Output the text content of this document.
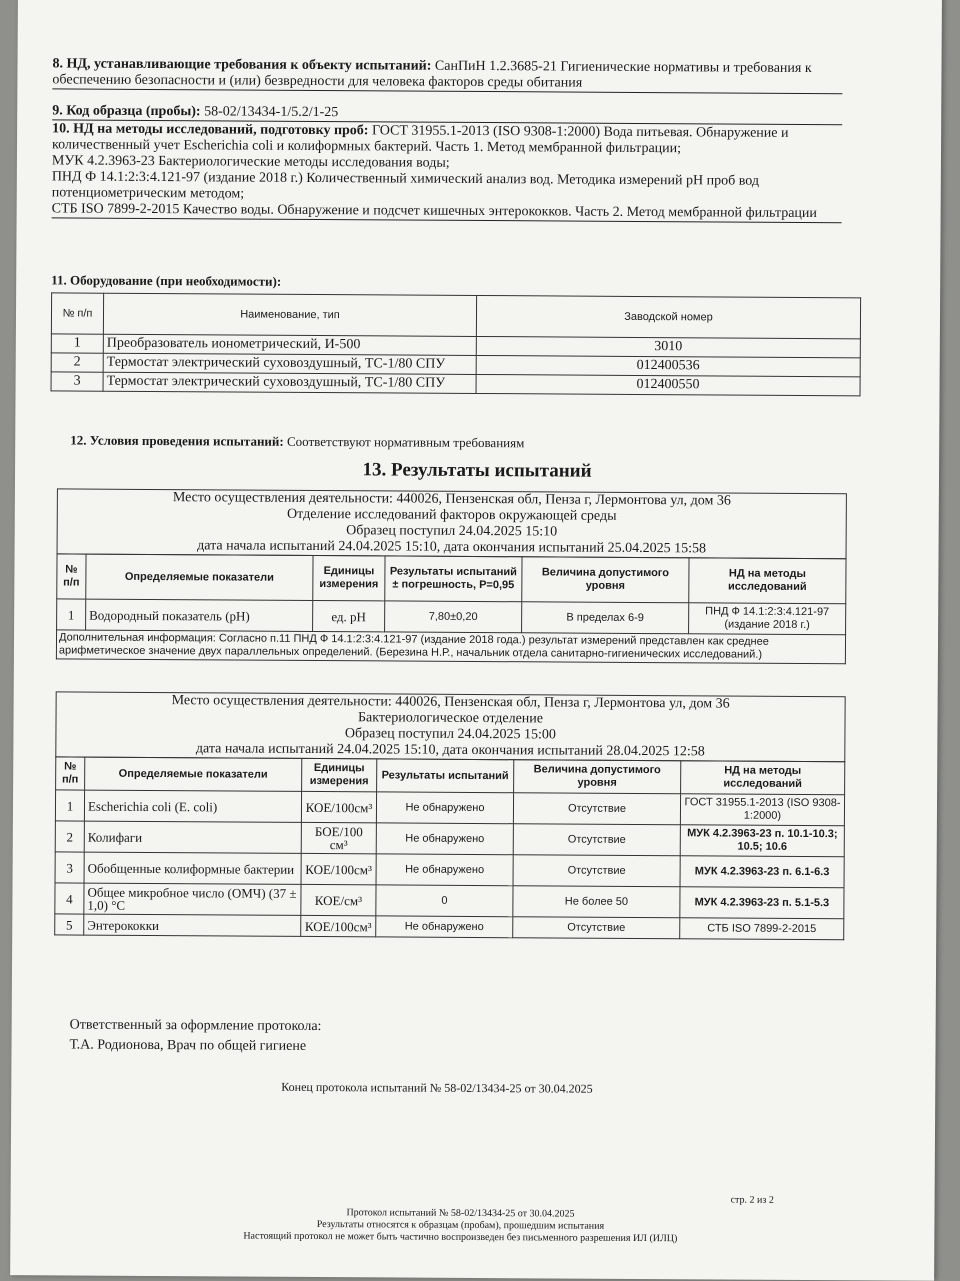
8. НД, устанавливающие требования к объекту испытаний: СанПиН 1.2.3685-21 Гигиенические нормативы и требования к обеспечению безопасности и (или) безвредности для человека факторов среды обитания
9. Код образца (пробы): 58-02/13434-1/5.2/1-25
10. НД на методы исследований, подготовку проб: ГОСТ 31955.1-2013 (ISO 9308-1:2000) Вода питьевая. Обнаружение и количественный учет Escherichia coli и колиформных бактерий. Часть 1. Метод мембранной фильтрации;
МУК 4.2.3963-23 Бактериологические методы исследования воды;
ПНД Ф 14.1:2:3:4.121-97 (издание 2018 г.) Количественный химический анализ вод. Методика измерений pH проб вод потенциометрическим методом;
СТБ ISO 7899-2-2015 Качество воды. Обнаружение и подсчет кишечных энтерококков. Часть 2. Метод мембранной фильтрации
11. Оборудование (при необходимости):
№ п/п	Наименование, тип	Заводской номер
1	Преобразователь иономeтрический, И-500	3010
2	Термостат электрический суховоздушный, ТС-1/80 СПУ	012400536
3	Термостат электрический суховоздушный, ТС-1/80 СПУ	012400550
12. Условия проведения испытаний: Соответствуют нормативным требованиям
13. Результаты испытаний
Место осуществления деятельности: 440026, Пензенская обл, Пенза г, Лермонтова ул, дом 36
Отделение исследований факторов окружающей среды
Образец поступил 24.04.2025 15:10
дата начала испытаний 24.04.2025 15:10, дата окончания испытаний 25.04.2025 15:58
№ п/п	Определяемые показатели	Единицы измерения	Результаты испытаний ± погрешность, Р=0,95	Величина допустимого уровня	НД на методы исследований
1	Водородный показатель (рН)	ед. pH	7,80±0,20	В пределах 6-9	ПНД Ф 14.1:2:3:4.121-97 (издание 2018 г.)
Дополнительная информация: Согласно п.11 ПНД Ф 14.1:2:3:4.121-97 (издание 2018 года.) результат измерений представлен как среднее арифметическое значение двух параллельных определений. (Березина Н.Р., начальник отдела санитарно-гигиенических исследований.)
Место осуществления деятельности: 440026, Пензенская обл, Пенза г, Лермонтова ул, дом 36
Бактериологическое отделение
Образец поступил 24.04.2025 15:00
дата начала испытаний 24.04.2025 15:10, дата окончания испытаний 28.04.2025 12:58
№ п/п	Определяемые показатели	Единицы измерения	Результаты испытаний	Величина допустимого уровня	НД на методы исследований
1	Escherichia coli (E. coli)	КОЕ/100см³	Не обнаружено	Отсутствие	ГОСТ 31955.1-2013 (ISO 9308-1:2000)
2	Колифаги	БОЕ/100 см³	Не обнаружено	Отсутствие	МУК 4.2.3963-23 п. 10.1-10.3; 10.5; 10.6
3	Обобщенные колиформные бактерии	КОЕ/100см³	Не обнаружено	Отсутствие	МУК 4.2.3963-23 п. 6.1-6.3
4	Общее микробное число (ОМЧ) (37 ± 1,0) °С	КОЕ/см³	0	Не более 50	МУК 4.2.3963-23 п. 5.1-5.3
5	Энтерококки	КОЕ/100см³	Не обнаружено	Отсутствие	СТБ ISO 7899-2-2015
Ответственный за оформление протокола:
Т.А. Родионова, Врач по общей гигиене
Конец протокола испытаний № 58-02/13434-25 от 30.04.2025
стр. 2 из 2
Протокол испытаний № 58-02/13434-25 от 30.04.2025
Результаты относятся к образцам (пробам), прошедшим испытания
Настоящий протокол не может быть частично воспроизведен без письменного разрешения ИЛ (ИЛЦ)
